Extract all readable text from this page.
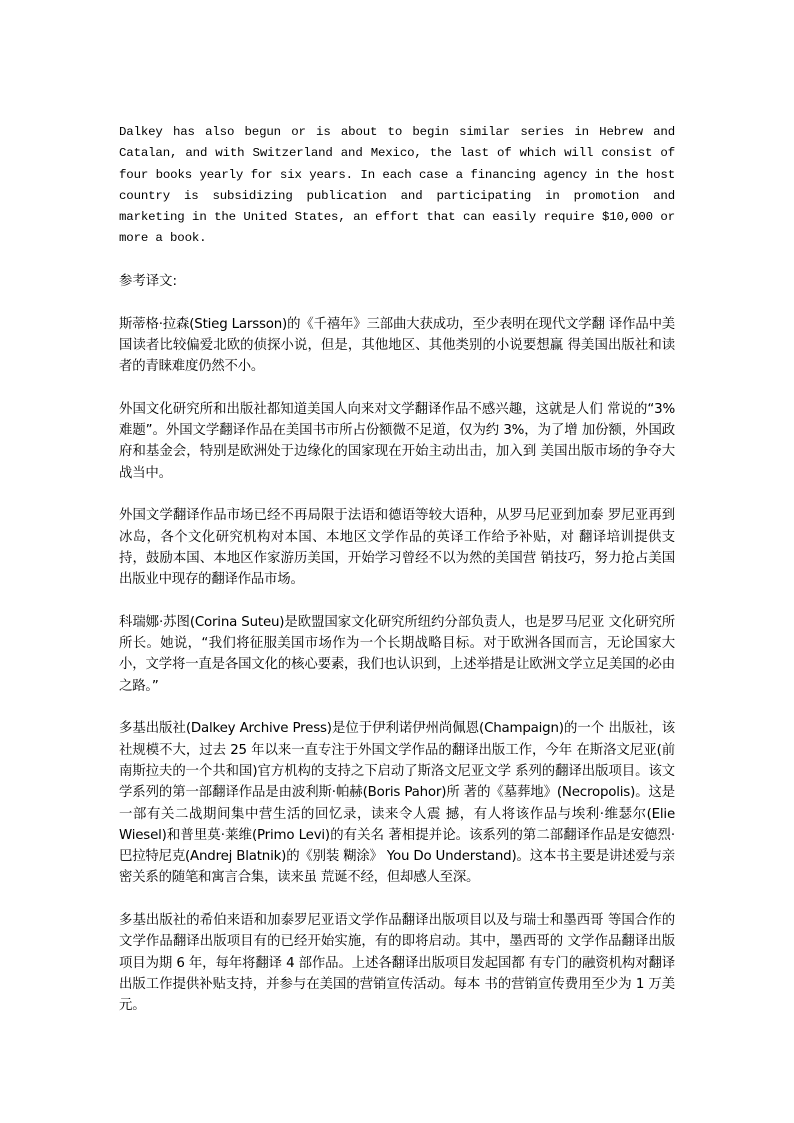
Dalkey has also begun or is about to begin similar series in Hebrew and Catalan, and with Switzerland and Mexico, the last of which will consist of four books yearly for six years. In each case a financing agency in the host country is subsidizing publication and participating in promotion and marketing in the United States, an effort that can easily require $10,000 or more a book.

参考译文:

斯蒂格·拉森(Stieg Larsson)的《千禧年》三部曲大获成功，至少表明在现代文学翻 译作品中美国读者比较偏爱北欧的侦探小说，但是，其他地区、其他类别的小说要想赢 得美国出版社和读者的青睐难度仍然不小。

外国文化研究所和出版社都知道美国人向来对文学翻译作品不感兴趣，这就是人们 常说的“3%难题”。外国文学翻译作品在美国书市所占份额微不足道，仅为约 3%，为了增 加份额，外国政府和基金会，特别是欧洲处于边缘化的国家现在开始主动出击，加入到 美国出版市场的争夺大战当中。

外国文学翻译作品市场已经不再局限于法语和德语等较大语种，从罗马尼亚到加泰 罗尼亚再到冰岛，各个文化研究机构对本国、本地区文学作品的英译工作给予补贴，对 翻译培训提供支持，鼓励本国、本地区作家游历美国，开始学习曾经不以为然的美国营 销技巧，努力抢占美国出版业中现存的翻译作品市场。

科瑞娜·苏图(Corina Suteu)是欧盟国家文化研究所纽约分部负责人，也是罗马尼亚 文化研究所所长。她说，“我们将征服美国市场作为一个长期战略目标。对于欧洲各国而言，无论国家大小，文学将一直是各国文化的核心要素，我们也认识到，上述举措是让欧洲文学立足美国的必由之路。”

多基出版社(Dalkey Archive Press)是位于伊利诺伊州尚佩恩(Champaign)的一个 出版社，该社规模不大，过去 25 年以来一直专注于外国文学作品的翻译出版工作，今年 在斯洛文尼亚(前南斯拉夫的一个共和国)官方机构的支持之下启动了斯洛文尼亚文学 系列的翻译出版项目。该文学系列的第一部翻译作品是由波利斯·帕赫(Boris Pahor)所 著的《墓葬地》(Necropolis)。这是一部有关二战期间集中营生活的回忆录，读来令人震 撼，有人将该作品与埃利·维瑟尔(Elie Wiesel)和普里莫·莱维(Primo Levi)的有关名 著相提并论。该系列的第二部翻译作品是安德烈·巴拉特尼克(Andrej Blatnik)的《别装 糊涂》 You Do Understand)。这本书主要是讲述爱与亲密关系的随笔和寓言合集，读来虽 荒诞不经，但却感人至深。

多基出版社的希伯来语和加泰罗尼亚语文学作品翻译出版项目以及与瑞士和墨西哥 等国合作的文学作品翻译出版项目有的已经开始实施，有的即将启动。其中，墨西哥的 文学作品翻译出版项目为期 6 年，每年将翻译 4 部作品。上述各翻译出版项目发起国都 有专门的融资机构对翻译出版工作提供补贴支持，并参与在美国的营销宣传活动。每本 书的营销宣传费用至少为 1 万美元。
